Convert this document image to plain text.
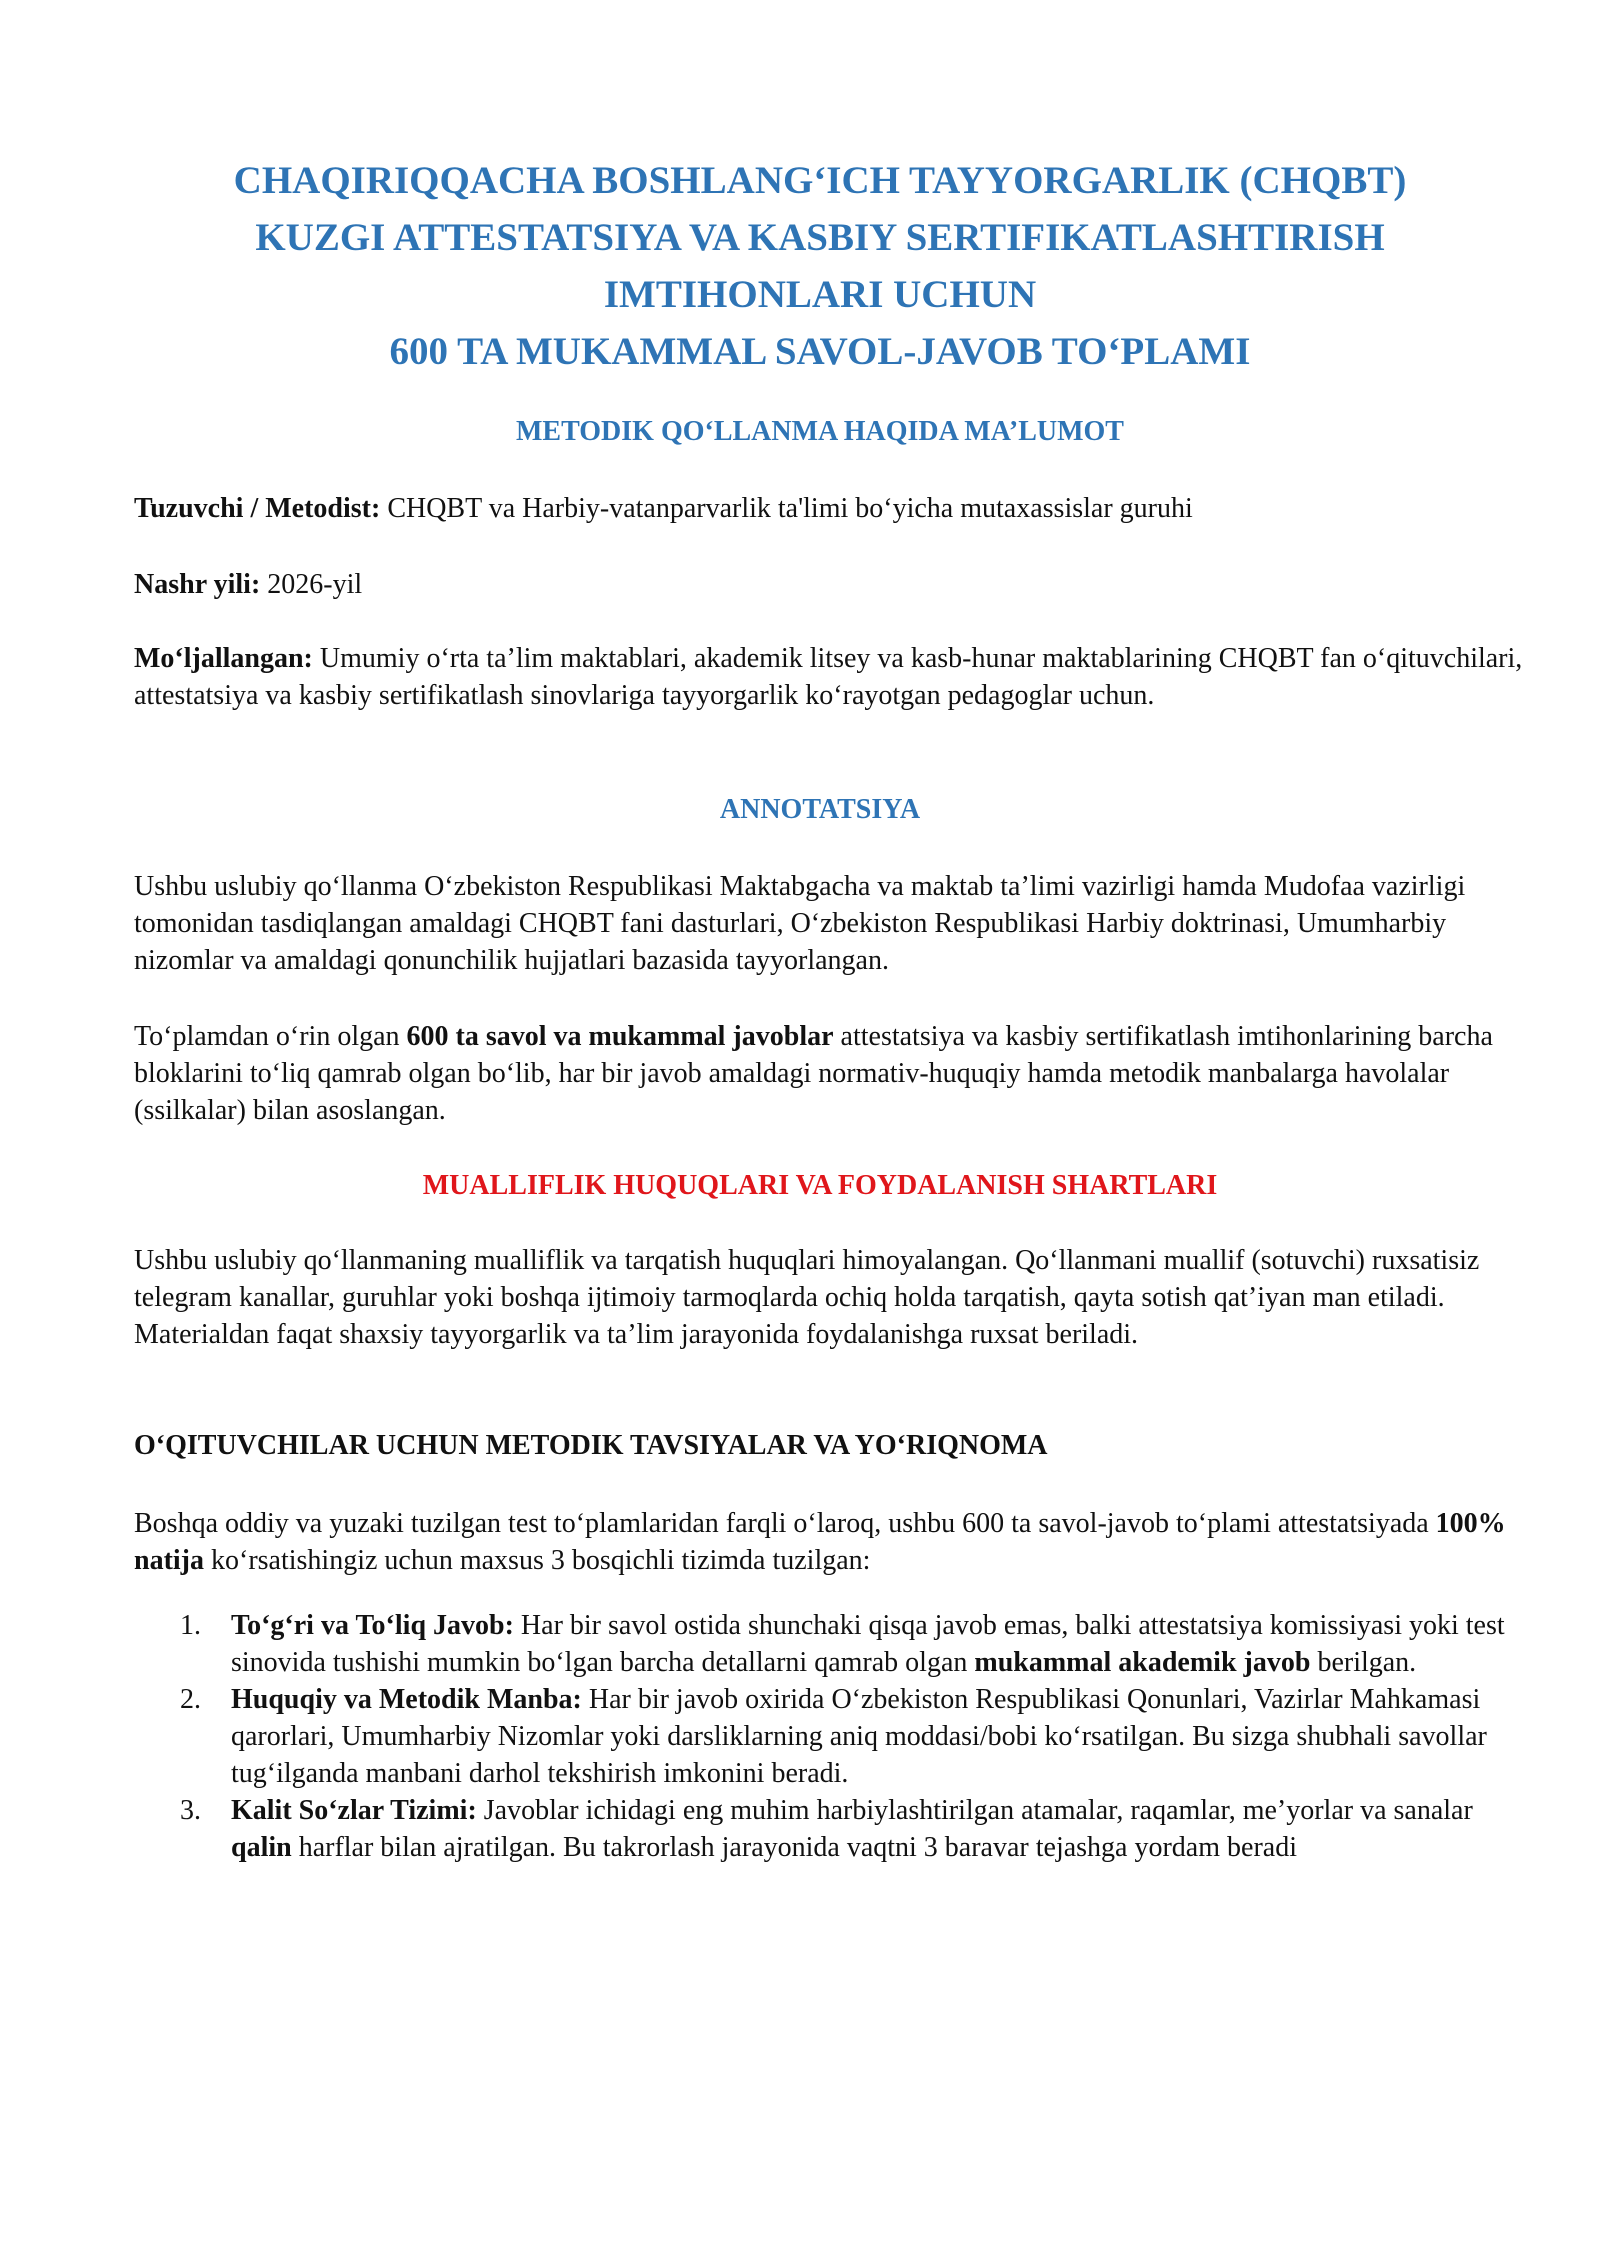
CHAQIRIQQACHA BOSHLANG‘ICH TAYYORGARLIK (CHQBT)
KUZGI ATTESTATSIYA VA KASBIY SERTIFIKATLASHTIRISH
IMTIHONLARI UCHUN
600 TA MUKAMMAL SAVOL-JAVOB TO‘PLAMI
METODIK QO‘LLANMA HAQIDA MA’LUMOT

Tuzuvchi / Metodist: CHQBT va Harbiy-vatanparvarlik ta'limi bo‘yicha mutaxassislar guruhi

Nashr yili: 2026-yil

Mo‘ljallangan: Umumiy o‘rta ta’lim maktablari, akademik litsey va kasb-hunar maktablarining CHQBT fan o‘qituvchilari, attestatsiya va kasbiy sertifikatlash sinovlariga tayyorgarlik ko‘rayotgan pedagoglar uchun.

ANNOTATSIYA

Ushbu uslubiy qo‘llanma O‘zbekiston Respublikasi Maktabgacha va maktab ta’limi vazirligi hamda Mudofaa vazirligi tomonidan tasdiqlangan amaldagi CHQBT fani dasturlari, O‘zbekiston Respublikasi Harbiy doktrinasi, Umumharbiy nizomlar va amaldagi qonunchilik hujjatlari bazasida tayyorlangan.

To‘plamdan o‘rin olgan 600 ta savol va mukammal javoblar attestatsiya va kasbiy sertifikatlash imtihonlarining barcha bloklarini to‘liq qamrab olgan bo‘lib, har bir javob amaldagi normativ-huquqiy hamda metodik manbalarga havolalar (ssilkalar) bilan asoslangan.

MUALLIFLIK HUQUQLARI VA FOYDALANISH SHARTLARI

Ushbu uslubiy qo‘llanmaning mualliflik va tarqatish huquqlari himoyalangan. Qo‘llanmani muallif (sotuvchi) ruxsatisiz telegram kanallar, guruhlar yoki boshqa ijtimoiy tarmoqlarda ochiq holda tarqatish, qayta sotish qat’iyan man etiladi. Materialdan faqat shaxsiy tayyorgarlik va ta’lim jarayonida foydalanishga ruxsat beriladi.

O‘QITUVCHILAR UCHUN METODIK TAVSIYALAR VA YO‘RIQNOMA

Boshqa oddiy va yuzaki tuzilgan test to‘plamlaridan farqli o‘laroq, ushbu 600 ta savol-javob to‘plami attestatsiyada 100% natija ko‘rsatishingiz uchun maxsus 3 bosqichli tizimda tuzilgan:

1. To‘g‘ri va To‘liq Javob: Har bir savol ostida shunchaki qisqa javob emas, balki attestatsiya komissiyasi yoki test sinovida tushishi mumkin bo‘lgan barcha detallarni qamrab olgan mukammal akademik javob berilgan.
2. Huquqiy va Metodik Manba: Har bir javob oxirida O‘zbekiston Respublikasi Qonunlari, Vazirlar Mahkamasi qarorlari, Umumharbiy Nizomlar yoki darsliklarning aniq moddasi/bobi ko‘rsatilgan. Bu sizga shubhali savollar tug‘ilganda manbani darhol tekshirish imkonini beradi.
3. Kalit So‘zlar Tizimi: Javoblar ichidagi eng muhim harbiylashtirilgan atamalar, raqamlar, me’yorlar va sanalar qalin harflar bilan ajratilgan. Bu takrorlash jarayonida vaqtni 3 baravar tejashga yordam beradi
